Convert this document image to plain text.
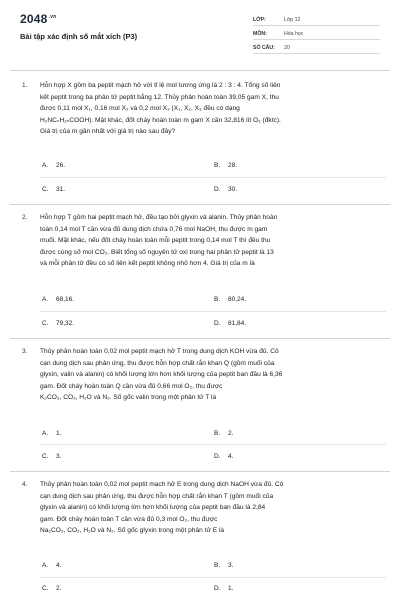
$2048^{.vn}$
Bài tập xác định số mắt xích (P3)
LỚP:	Lớp 12
MÔN:	Hóa học
SỐ CÂU: 20
1. Hỗn hợp X gồm ba peptit mạch hở với tỉ lệ mol tương ứng là 2 : 3 : 4. Tổng số liên

kết peptit trong ba phân tử peptit bằng 12. Thủy phân hoàn toàn 39,05 gam X, thu

được 0,11 mol X₁, 0,16 mol X₂ và 0,2 mol X₃ (X₁, X₂, X₃ đều có dạng

H₂NCₙH₂ₙCOOH). Mặt khác, đốt cháy hoàn toàn m gam X cần 32,816 lít O₂ (đktc).

Giá trị của m gần nhất với giá trị nào sau đây?

A. 26.	B. 28.
C. 31.	D. 30.
2. Hỗn hợp T gồm hai peptit mạch hở, đều tạo bởi glyxin và alanin. Thủy phân hoàn

toàn 0,14 mol T cần vừa đủ dung dịch chứa 0,76 mol NaOH, thu được m gam

muối. Mặt khác, nếu đốt cháy hoàn toàn mỗi peptit trong 0,14 mol T thì đều thu

được cùng số mol CO₂. Biết tổng số nguyên tử oxi trong hai phân tử peptit là 13

và mỗi phân tử đều có số liên kết peptit không nhỏ hơn 4. Giá trị của m là

A. 68,16.	B. 80,24.
C. 79,32.	D. 81,84.
3. Thủy phân hoàn toàn 0,02 mol peptit mạch hở T trong dung dịch KOH vừa đủ. Cô

cạn dung dịch sau phản ứng, thu được hỗn hợp chất rắn khan Q (gồm muối của

glyxin, valin và alanin) có khối lượng lớn hơn khối lượng của peptit ban đầu là 6,36

gam. Đốt cháy hoàn toàn Q cần vừa đủ 0,66 mol O₂, thu được

K₂CO₃, CO₂, H₂O và N₂. Số gốc valin trong một phân tử T là

A. 1.	B. 2.
C. 3.	D. 4.
4. Thủy phân hoàn toàn 0,02 mol peptit mạch hở E trong dung dịch NaOH vừa đủ. Cô

cạn dung dịch sau phản ứng, thu được hỗn hợp chất rắn khan T (gồm muối của

glyxin và alanin) có khối lượng lớn hơn khối lượng của peptit ban đầu là 2,84

gam. Đốt cháy hoàn toàn T cần vừa đủ 0,3 mol O₂, thu được

Na₂CO₃, CO₂, H₂O và N₂. Số gốc glyxin trong một phân tử E là

A. 4.	B. 3.
C. 2.	D. 1.
